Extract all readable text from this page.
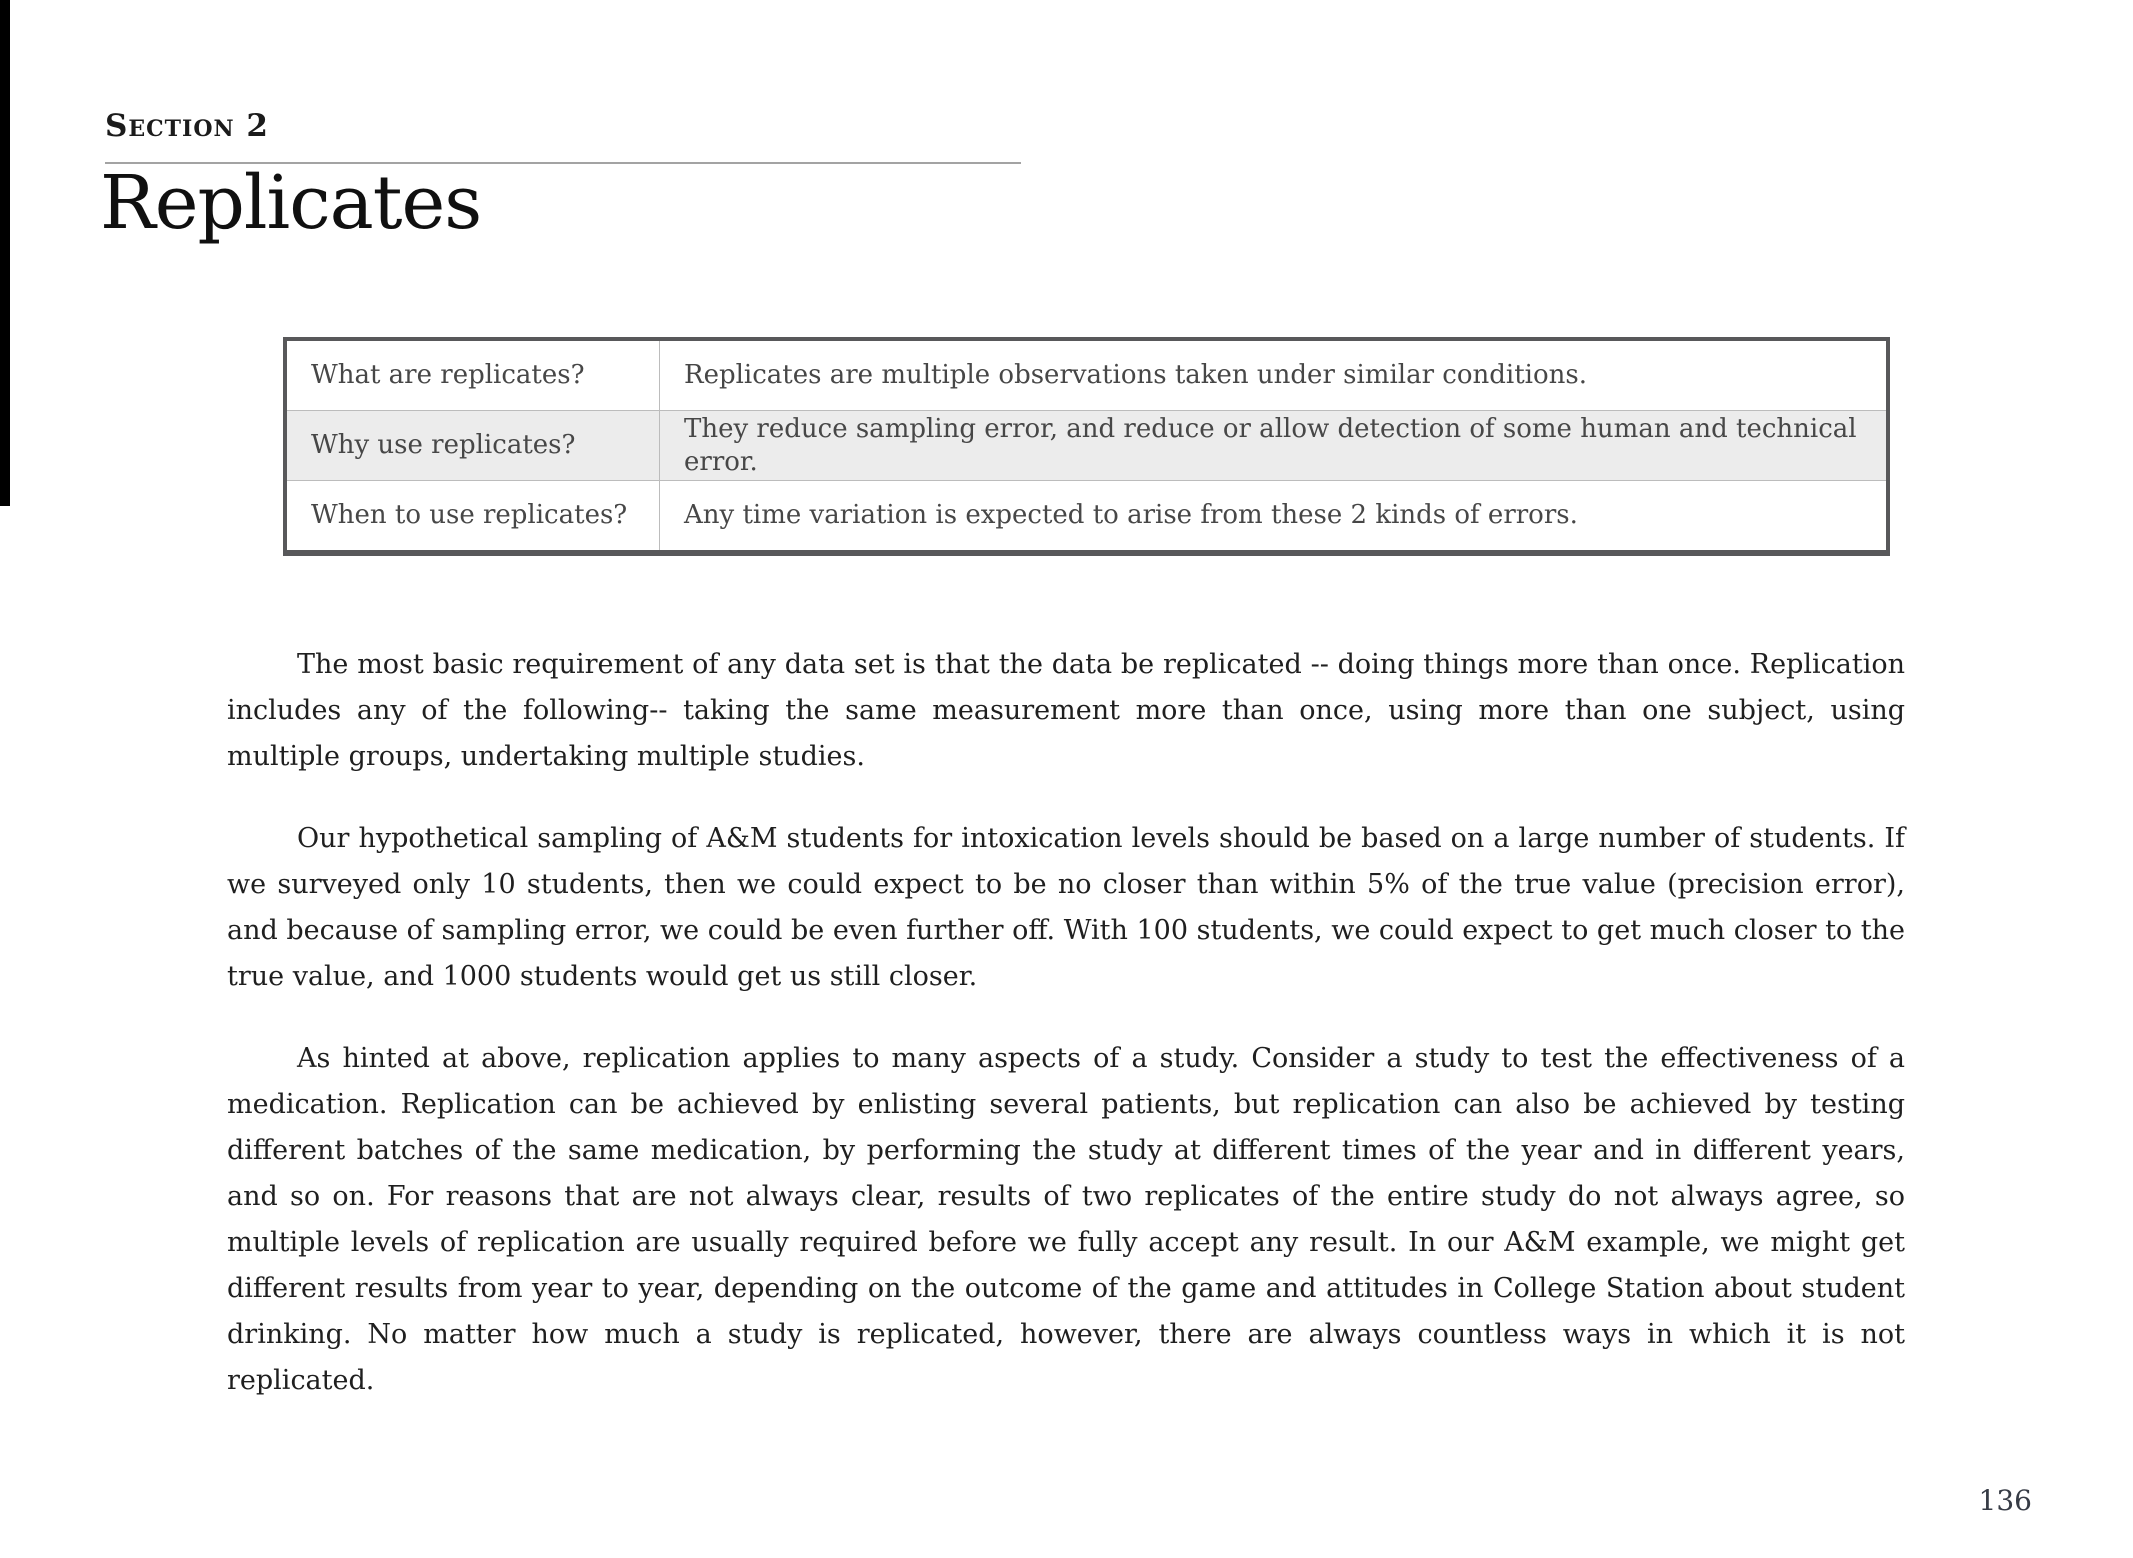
Section 2
Replicates
What are replicates?	Replicates are multiple observations taken under similar conditions.
Why use replicates?	They reduce sampling error, and reduce or allow detection of some human and technical error.
When to use replicates?	Any time variation is expected to arise from these 2 kinds of errors.

The most basic requirement of any data set is that the data be replicated -- doing things more than once. Replication includes any of the following-- taking the same measurement more than once, using more than one subject, using multiple groups, undertaking multiple studies.

Our hypothetical sampling of A&M students for intoxication levels should be based on a large number of students. If we surveyed only 10 students, then we could expect to be no closer than within 5% of the true value (precision error), and because of sampling error, we could be even further off. With 100 students, we could expect to get much closer to the true value, and 1000 students would get us still closer.

As hinted at above, replication applies to many aspects of a study. Consider a study to test the effectiveness of a medication. Replication can be achieved by enlisting several patients, but replication can also be achieved by testing different batches of the same medication, by performing the study at different times of the year and in different years, and so on. For reasons that are not always clear, results of two replicates of the entire study do not always agree, so multiple levels of replication are usually required before we fully accept any result. In our A&M example, we might get different results from year to year, depending on the outcome of the game and attitudes in College Station about student drinking. No matter how much a study is replicated, however, there are always countless ways in which it is not replicated.

136
